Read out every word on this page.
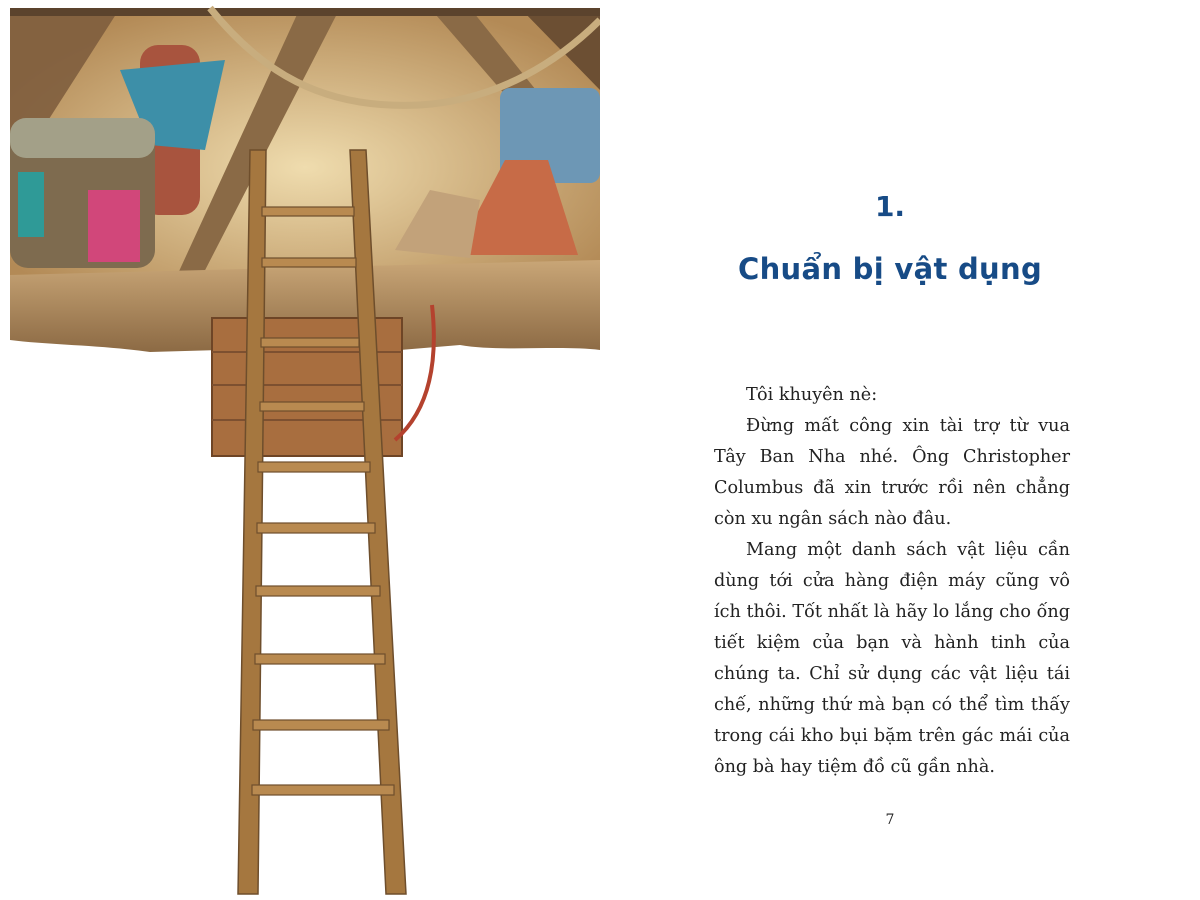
1.
Chuẩn bị vật dụng

Tôi khuyên nè:

Đừng mất công xin tài trợ từ vua Tây Ban Nha nhé. Ông Christopher Columbus đã xin trước rồi nên chẳng còn xu ngân sách nào đâu.

Mang một danh sách vật liệu cần dùng tới cửa hàng điện máy cũng vô ích thôi. Tốt nhất là hãy lo lắng cho ống tiết kiệm của bạn và hành tinh của chúng ta. Chỉ sử dụng các vật liệu tái chế, những thứ mà bạn có thể tìm thấy trong cái kho bụi bặm trên gác mái của ông bà hay tiệm đồ cũ gần nhà.

7
